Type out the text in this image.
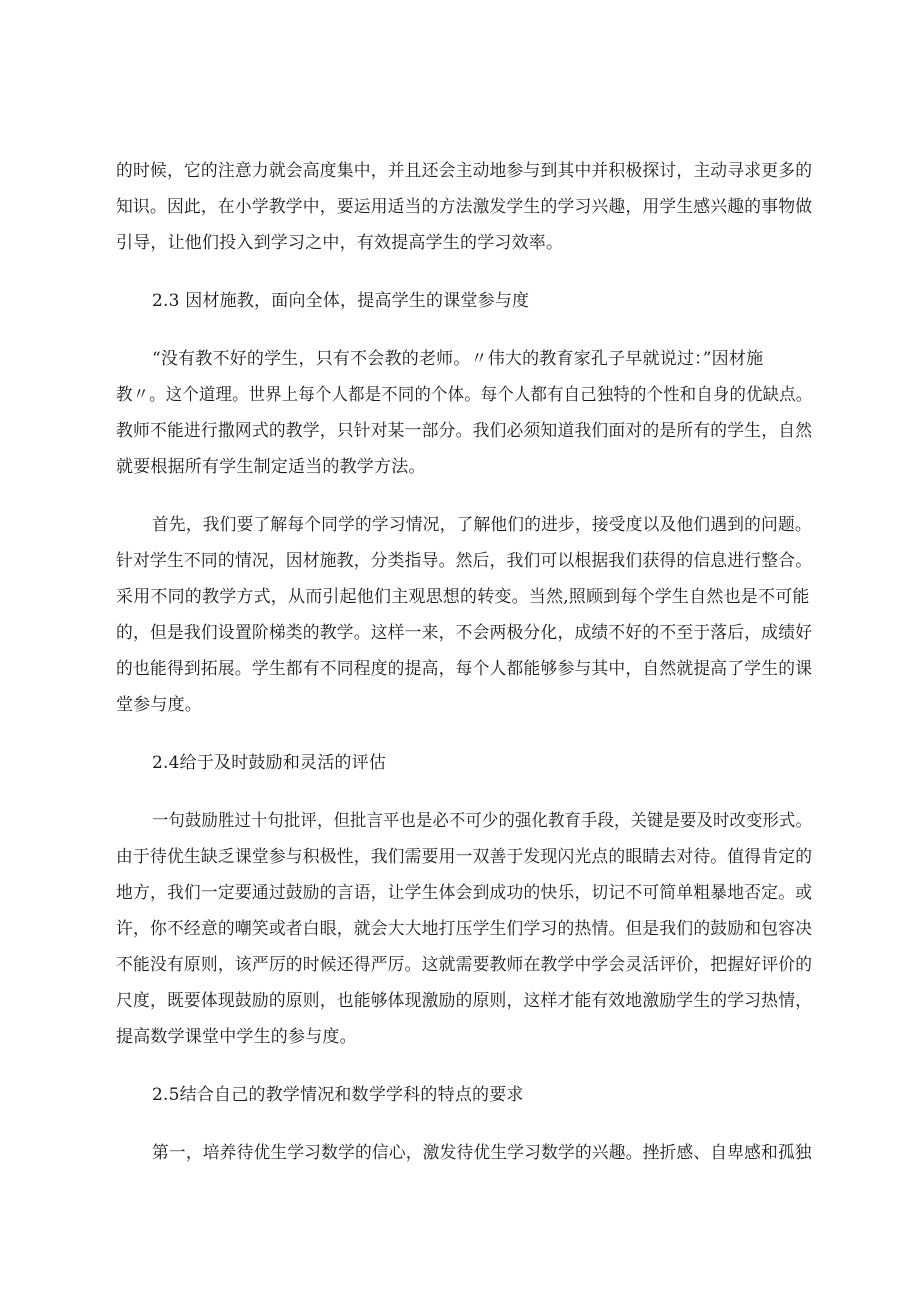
的时候，它的注意力就会高度集中，并且还会主动地参与到其中并积极探讨，主动寻求更多的
知识。因此，在小学教学中，要运用适当的方法激发学生的学习兴趣，用学生感兴趣的事物做
引导，让他们投入到学习之中，有效提高学生的学习效率。
2.3 因材施教，面向全体，提高学生的课堂参与度
“没有教不好的学生，只有不会教的老师。〃伟大的教育家孔子早就说过：”因材施
教〃。这个道理。世界上每个人都是不同的个体。每个人都有自己独特的个性和自身的优缺点。
教师不能进行撒网式的教学，只针对某一部分。我们必须知道我们面对的是所有的学生，自然
就要根据所有学生制定适当的教学方法。
首先，我们要了解每个同学的学习情况，了解他们的进步，接受度以及他们遇到的问题。
针对学生不同的情况，因材施教，分类指导。然后，我们可以根据我们获得的信息进行整合。
采用不同的教学方式，从而引起他们主观思想的转变。当然,照顾到每个学生自然也是不可能
的，但是我们设置阶梯类的教学。这样一来，不会两极分化，成绩不好的不至于落后，成绩好
的也能得到拓展。学生都有不同程度的提高，每个人都能够参与其中，自然就提高了学生的课
堂参与度。
2.4给于及时鼓励和灵活的评估
一句鼓励胜过十句批评，但批言平也是必不可少的强化教育手段，关键是要及时改变形式。
由于待优生缺乏课堂参与积极性，我们需要用一双善于发现闪光点的眼睛去对待。值得肯定的
地方，我们一定要通过鼓励的言语，让学生体会到成功的快乐，切记不可简单粗暴地否定。或
许，你不经意的嘲笑或者白眼，就会大大地打压学生们学习的热情。但是我们的鼓励和包容决
不能没有原则，该严厉的时候还得严厉。这就需要教师在教学中学会灵活评价，把握好评价的
尺度，既要体现鼓励的原则，也能够体现激励的原则，这样才能有效地激励学生的学习热情，
提高数学课堂中学生的参与度。
2.5结合自己的教学情况和数学学科的特点的要求
第一，培养待优生学习数学的信心，激发待优生学习数学的兴趣。挫折感、自卑感和孤独
